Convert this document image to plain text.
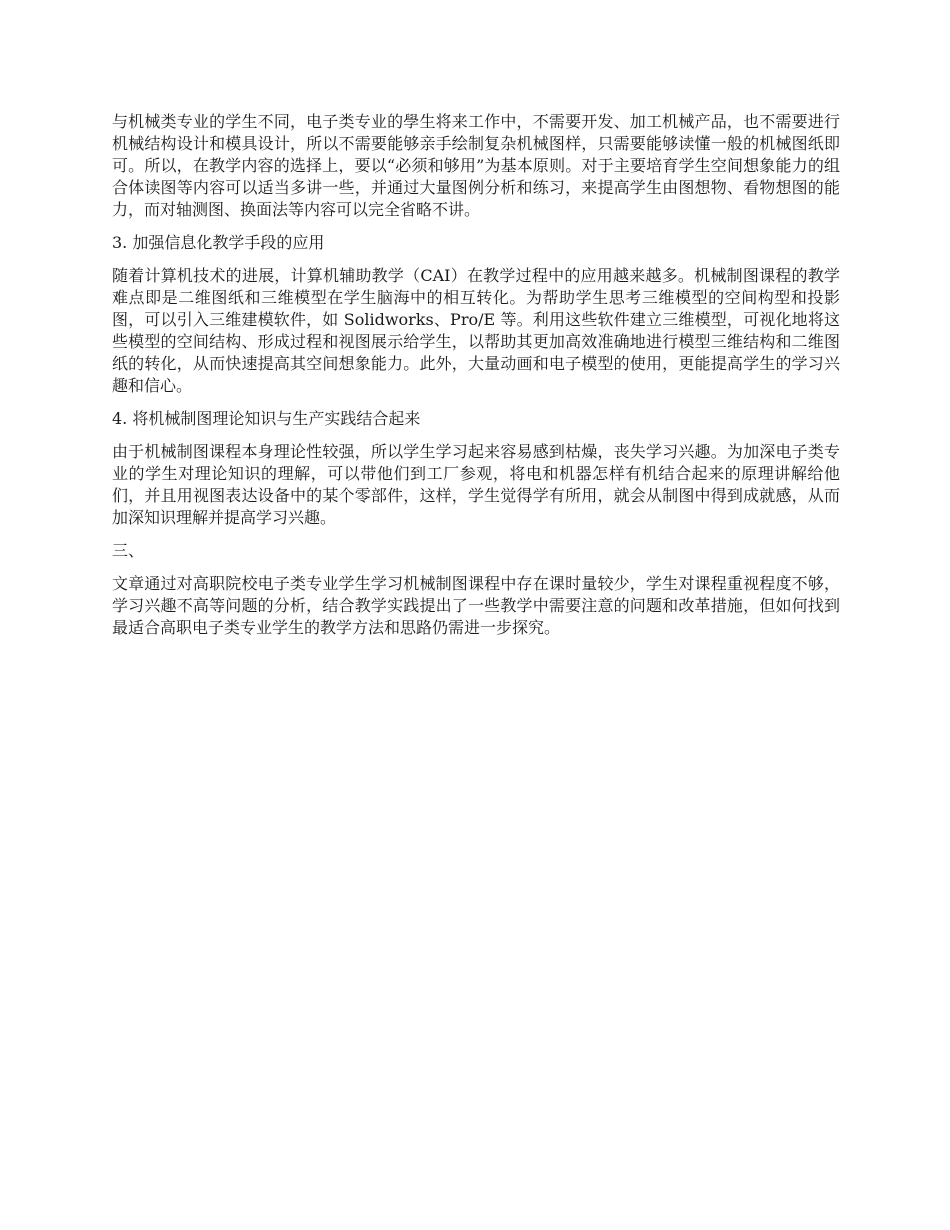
与机械类专业的学生不同，电子类专业的學生将来工作中，不需要开发、加工机械产品，也不需要进行机械结构设计和模具设计，所以不需要能够亲手绘制复杂机械图样，只需要能够读懂一般的机械图纸即可。所以，在教学内容的选择上，要以“必须和够用”为基本原则。对于主要培育学生空间想象能力的组合体读图等内容可以适当多讲一些，并通过大量图例分析和练习，来提高学生由图想物、看物想图的能力，而对轴测图、换面法等内容可以完全省略不讲。

3. 加强信息化教学手段的应用

随着计算机技术的进展，计算机辅助教学（CAI）在教学过程中的应用越来越多。机械制图课程的教学难点即是二维图纸和三维模型在学生脑海中的相互转化。为帮助学生思考三维模型的空间构型和投影图，可以引入三维建模软件，如 Solidworks、Pro/E 等。利用这些软件建立三维模型，可视化地将这些模型的空间结构、形成过程和视图展示给学生，以帮助其更加高效准确地进行模型三维结构和二维图纸的转化，从而快速提高其空间想象能力。此外，大量动画和电子模型的使用，更能提高学生的学习兴趣和信心。

4. 将机械制图理论知识与生产实践结合起来

由于机械制图课程本身理论性较强，所以学生学习起来容易感到枯燥，丧失学习兴趣。为加深电子类专业的学生对理论知识的理解，可以带他们到工厂参观，将电和机器怎样有机结合起来的原理讲解给他们，并且用视图表达设备中的某个零部件，这样，学生觉得学有所用，就会从制图中得到成就感，从而加深知识理解并提高学习兴趣。

三、

文章通过对高职院校电子类专业学生学习机械制图课程中存在课时量较少，学生对课程重视程度不够，学习兴趣不高等问题的分析，结合教学实践提出了一些教学中需要注意的问题和改革措施，但如何找到最适合高职电子类专业学生的教学方法和思路仍需进一步探究。
